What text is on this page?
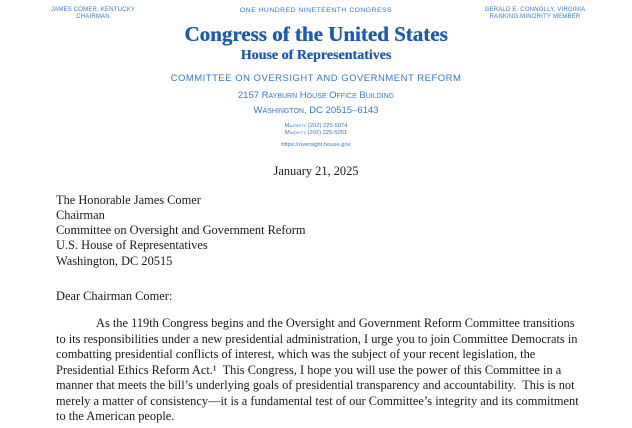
JAMES COMER, KENTUCKY
CHAIRMAN
GERALD E. CONNOLLY, VIRGINIA
RANKING MINORITY MEMBER
ONE HUNDRED NINETEENTH CONGRESS
Congress of the United States
House of Representatives
COMMITTEE ON OVERSIGHT AND GOVERNMENT REFORM
2157 Rayburn House Office Building
Washington, DC 20515–6143
Majority (202) 225-5074
Minority (202) 225-5051
https://oversight.house.gov
January 21, 2025
The Honorable James Comer
Chairman
Committee on Oversight and Government Reform
U.S. House of Representatives
Washington, DC 20515
Dear Chairman Comer:
As the 119th Congress begins and the Oversight and Government Reform Committee transitions to its responsibilities under a new presidential administration, I urge you to join Committee Democrats in combatting presidential conflicts of interest, which was the subject of your recent legislation, the Presidential Ethics Reform Act.¹  This Congress, I hope you will use the power of this Committee in a manner that meets the bill’s underlying goals of presidential transparency and accountability.  This is not merely a matter of consistency—it is a fundamental test of our Committee’s integrity and its commitment to the American people.
